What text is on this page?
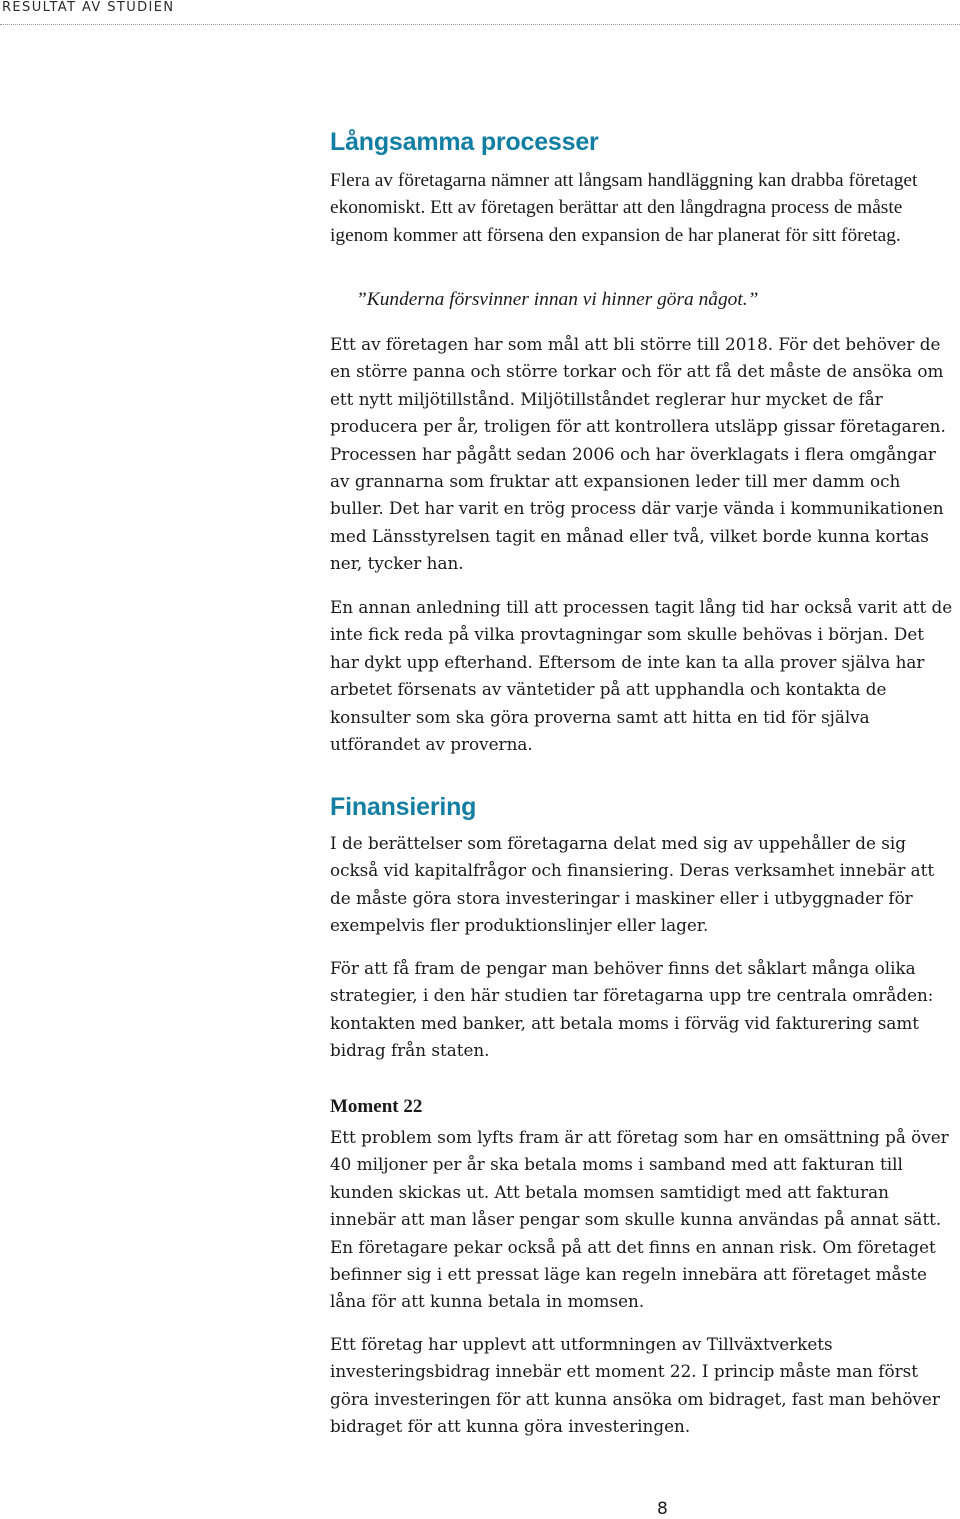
RESULTAT AV STUDIEN
Långsamma processer

Flera av företagarna nämner att långsam handläggning kan drabba företaget ekonomiskt. Ett av företagen berättar att den långdragna process de måste igenom kommer att försena den expansion de har planerat för sitt företag.

”Kunderna försvinner innan vi hinner göra något.”

Ett av företagen har som mål att bli större till 2018. För det behöver de en större panna och större torkar och för att få det måste de ansöka om ett nytt miljötillstånd. Miljötillståndet reglerar hur mycket de får producera per år, troligen för att kontrollera utsläpp gissar företagaren. Processen har pågått sedan 2006 och har överklagats i flera omgångar av grannarna som fruktar att expansionen leder till mer damm och buller. Det har varit en trög process där varje vända i kommunikationen med Länsstyrelsen tagit en månad eller två, vilket borde kunna kortas ner, tycker han.

En annan anledning till att processen tagit lång tid har också varit att de inte fick reda på vilka provtagningar som skulle behövas i början. Det har dykt upp efterhand. Eftersom de inte kan ta alla prover själva har arbetet försenats av väntetider på att upphandla och kontakta de konsulter som ska göra proverna samt att hitta en tid för själva utförandet av proverna.

Finansiering

I de berättelser som företagarna delat med sig av uppehåller de sig också vid kapitalfrågor och finansiering. Deras verksamhet innebär att de måste göra stora investeringar i maskiner eller i utbyggnader för exempelvis fler produktionslinjer eller lager.

För att få fram de pengar man behöver finns det såklart många olika strategier, i den här studien tar företagarna upp tre centrala områden: kontakten med banker, att betala moms i förväg vid fakturering samt bidrag från staten.

Moment 22

Ett problem som lyfts fram är att företag som har en omsättning på över 40 miljoner per år ska betala moms i samband med att fakturan till kunden skickas ut. Att betala momsen samtidigt med att fakturan innebär att man låser pengar som skulle kunna användas på annat sätt. En företagare pekar också på att det finns en annan risk. Om företaget befinner sig i ett pressat läge kan regeln innebära att företaget måste låna för att kunna betala in momsen.

Ett företag har upplevt att utformningen av Tillväxtverkets investeringsbidrag innebär ett moment 22. I princip måste man först göra investeringen för att kunna ansöka om bidraget, fast man behöver bidraget för att kunna göra investeringen.

8
